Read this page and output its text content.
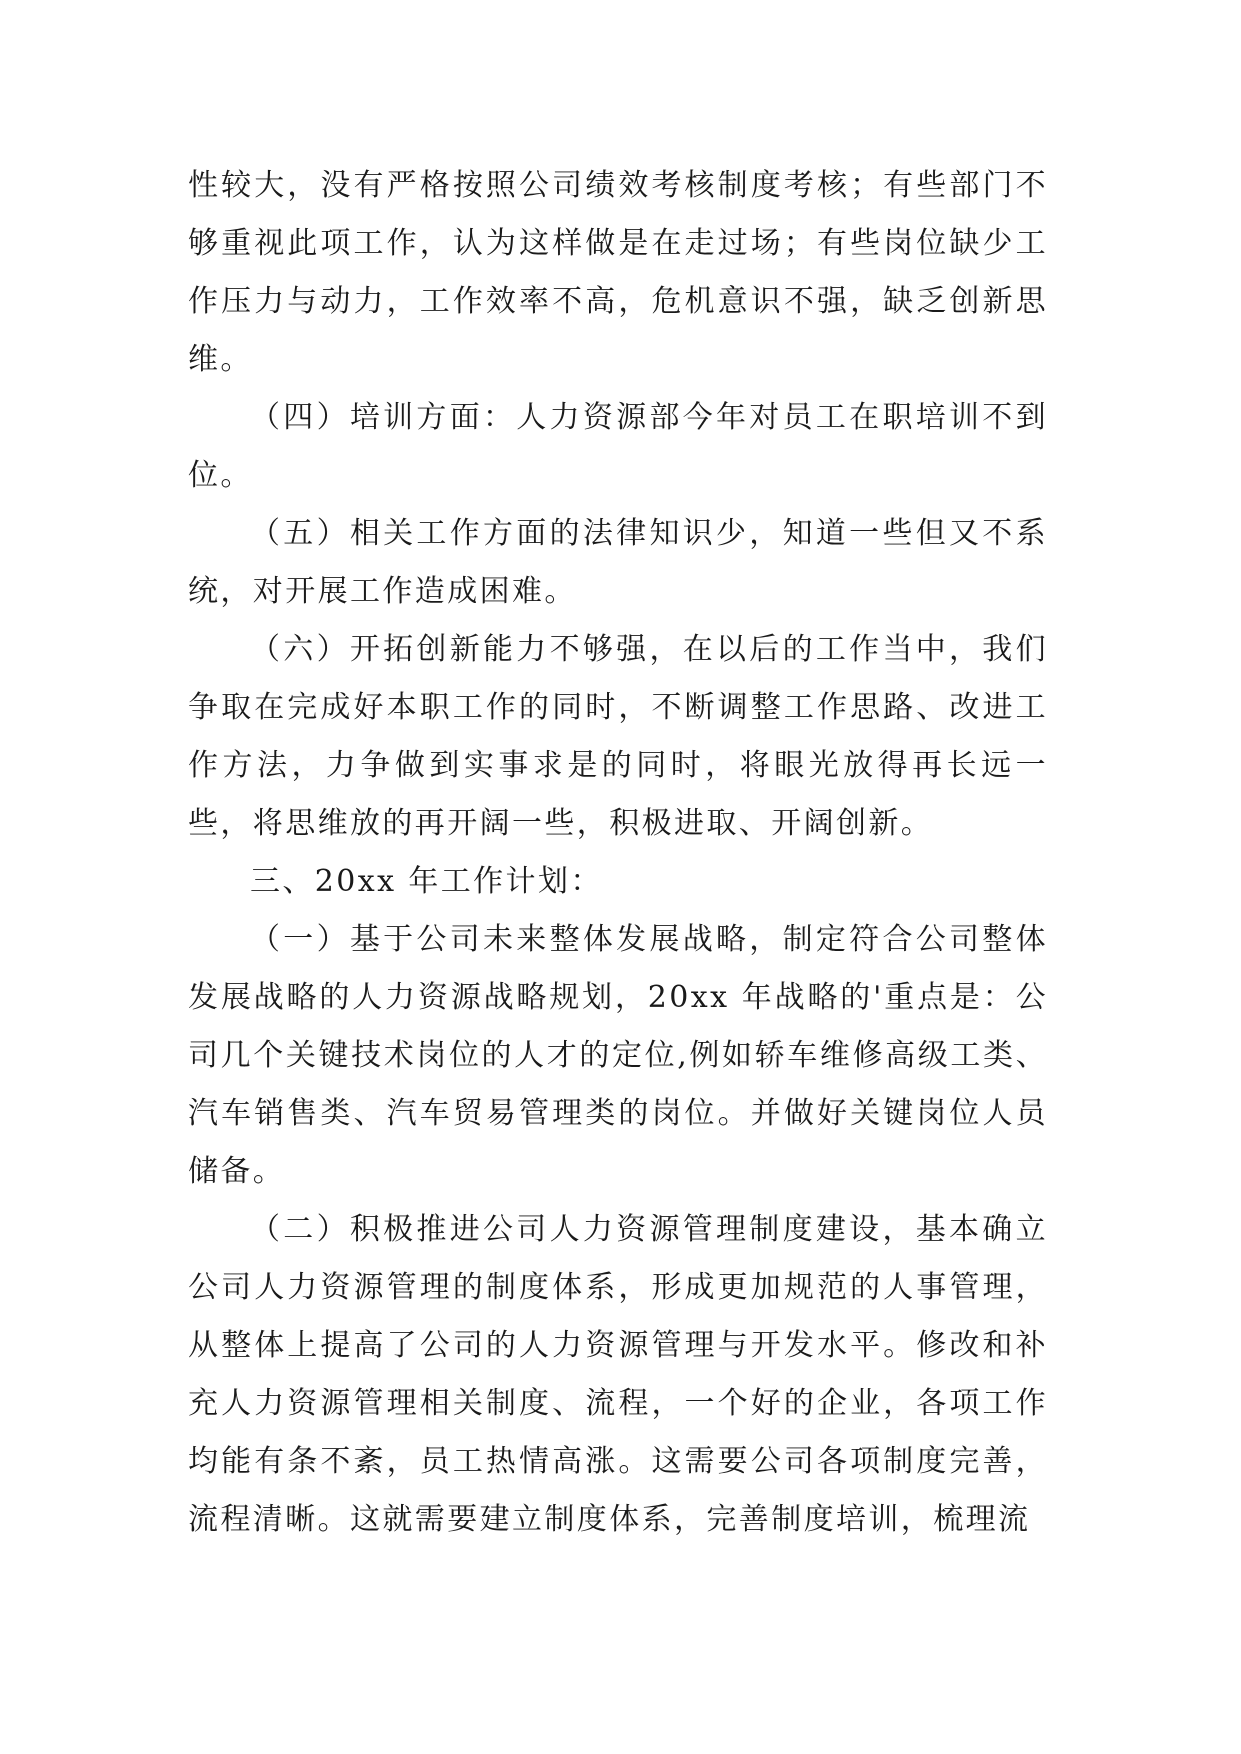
性较大，没有严格按照公司绩效考核制度考核；有些部门不够重视此项工作，认为这样做是在走过场；有些岗位缺少工作压力与动力，工作效率不高，危机意识不强，缺乏创新思维。

（四）培训方面：人力资源部今年对员工在职培训不到位。

（五）相关工作方面的法律知识少，知道一些但又不系统，对开展工作造成困难。

（六）开拓创新能力不够强，在以后的工作当中，我们争取在完成好本职工作的同时，不断调整工作思路、改进工作方法，力争做到实事求是的同时，将眼光放得再长远一些，将思维放的再开阔一些，积极进取、开阔创新。

三、20xx 年工作计划：

（一）基于公司未来整体发展战略，制定符合公司整体发展战略的人力资源战略规划，20xx 年战略的'重点是：公司几个关键技术岗位的人才的定位,例如轿车维修高级工类、汽车销售类、汽车贸易管理类的岗位。并做好关键岗位人员储备。

（二）积极推进公司人力资源管理制度建设，基本确立公司人力资源管理的制度体系，形成更加规范的人事管理，从整体上提高了公司的人力资源管理与开发水平。修改和补充人力资源管理相关制度、流程，一个好的企业，各项工作均能有条不紊，员工热情高涨。这需要公司各项制度完善，流程清晰。这就需要建立制度体系，完善制度培训，梳理流
